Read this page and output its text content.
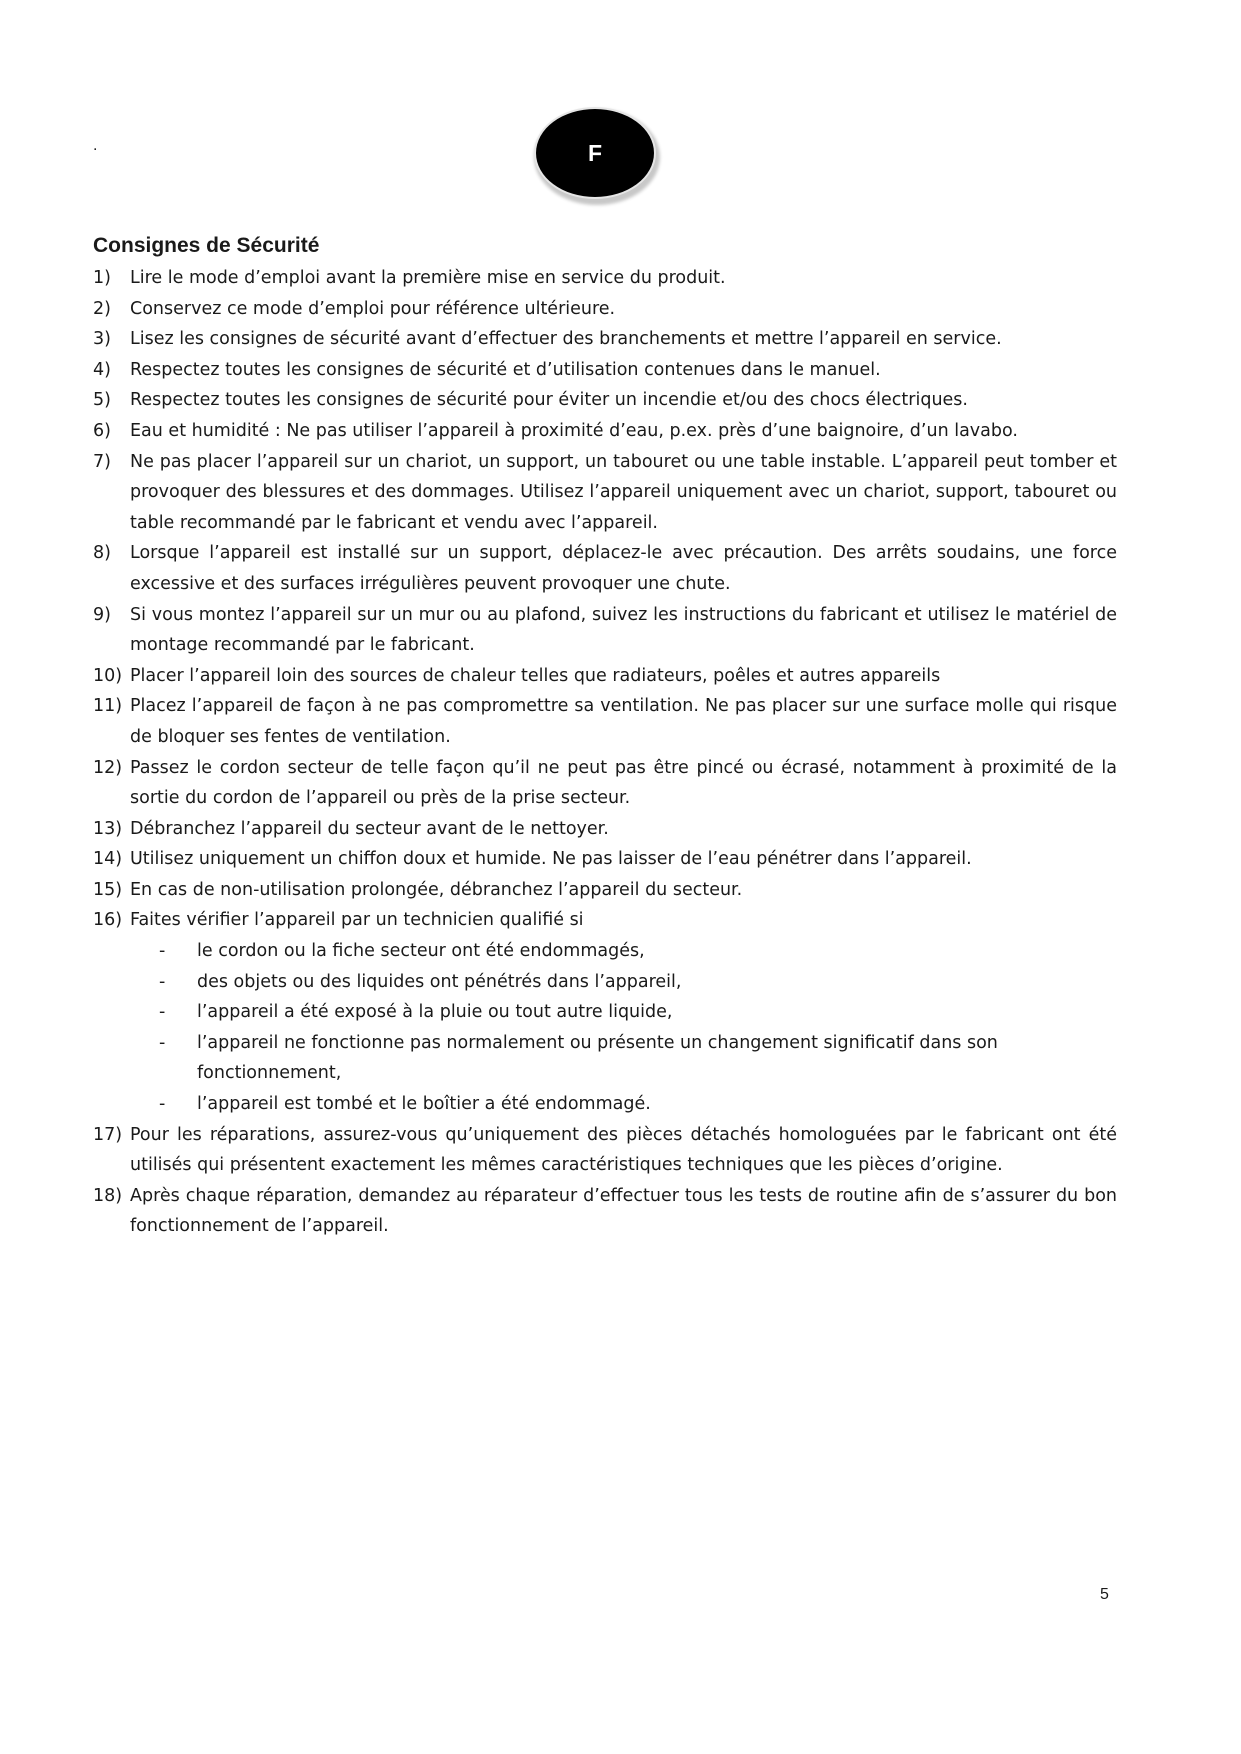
.	F
Consignes de Sécurité
1)	Lire le mode d’emploi avant la première mise en service du produit.
2)	Conservez ce mode d’emploi pour référence ultérieure.
3)	Lisez les consignes de sécurité avant d’effectuer des branchements et mettre l’appareil en service.
4)	Respectez toutes les consignes de sécurité et d’utilisation contenues dans le manuel.
5)	Respectez toutes les consignes de sécurité pour éviter un incendie et/ou des chocs électriques.
6)	Eau et humidité : Ne pas utiliser l’appareil à proximité d’eau, p.ex. près d’une baignoire, d’un lavabo.
7)	Ne pas placer l’appareil sur un chariot, un support, un tabouret ou une table instable. L’appareil peut tomber et provoquer des blessures et des dommages. Utilisez l’appareil uniquement avec un chariot, support, tabouret ou table recommandé par le fabricant et vendu avec l’appareil.
8)	Lorsque l’appareil est installé sur un support, déplacez-le avec précaution. Des arrêts soudains, une force excessive et des surfaces irrégulières peuvent provoquer une chute.
9)	Si vous montez l’appareil sur un mur ou au plafond, suivez les instructions du fabricant et utilisez le matériel de montage recommandé par le fabricant.
10) Placer l’appareil loin des sources de chaleur telles que radiateurs, poêles et autres appareils
11) Placez l’appareil de façon à ne pas compromettre sa ventilation. Ne pas placer sur une surface molle qui risque de bloquer ses fentes de ventilation.
12) Passez le cordon secteur de telle façon qu’il ne peut pas être pincé ou écrasé, notamment à proximité de la sortie du cordon de l’appareil ou près de la prise secteur.
13) Débranchez l’appareil du secteur avant de le nettoyer.
14) Utilisez uniquement un chiffon doux et humide. Ne pas laisser de l’eau pénétrer dans l’appareil.
15) En cas de non-utilisation prolongée, débranchez l’appareil du secteur.
16) Faites vérifier l’appareil par un technicien qualifié si
-	le cordon ou la fiche secteur ont été endommagés,
-	des objets ou des liquides ont pénétrés dans l’appareil,
-	l’appareil a été exposé à la pluie ou tout autre liquide,
-	l’appareil ne fonctionne pas normalement ou présente un changement significatif dans son fonctionnement,
-	l’appareil est tombé et le boîtier a été endommagé.
17) Pour les réparations, assurez-vous qu’uniquement des pièces détachés homologuées par le fabricant ont été utilisés qui présentent exactement les mêmes caractéristiques techniques que les pièces d’origine.
18) Après chaque réparation, demandez au réparateur d’effectuer tous les tests de routine afin de s’assurer du bon fonctionnement de l’appareil.
5
